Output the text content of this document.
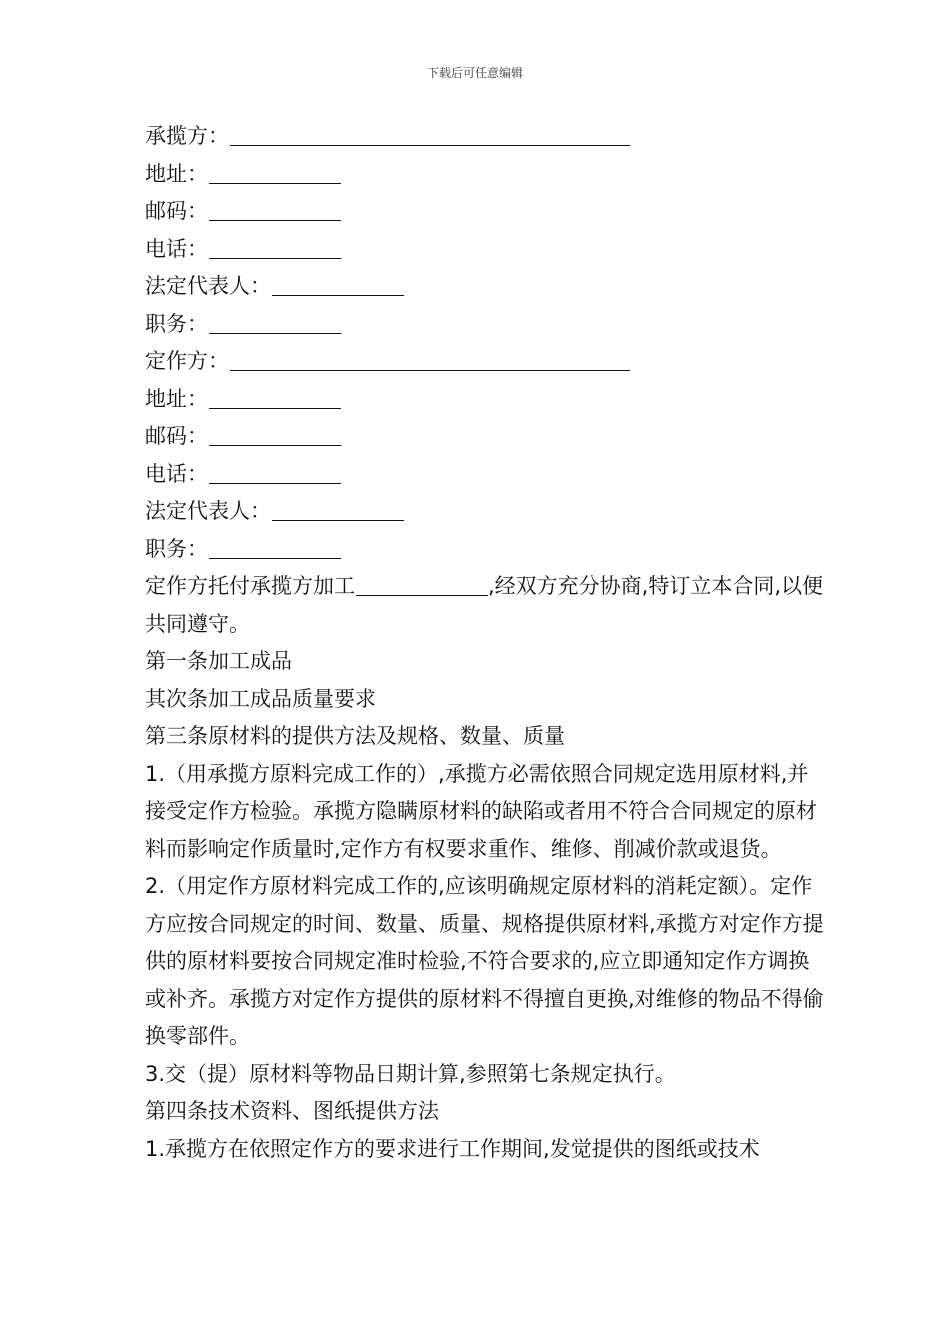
下载后可任意编辑
承揽方：
地址：
邮码：
电话：
法定代表人：
职务：
定作方：
地址：
邮码：
电话：
法定代表人：
职务：

定作方托付承揽方加工	,经双方充分协商,特订立本合同,以便共同遵守。

第一条加工成品

其次条加工成品质量要求

第三条原材料的提供方法及规格、数量、质量

1.（用承揽方原料完成工作的）,承揽方必需依照合同规定选用原材料,并接受定作方检验。承揽方隐瞒原材料的缺陷或者用不符合合同规定的原材料而影响定作质量时,定作方有权要求重作、维修、削减价款或退货。

2.（用定作方原材料完成工作的,应该明确规定原材料的消耗定额）。定作方应按合同规定的时间、数量、质量、规格提供原材料,承揽方对定作方提供的原材料要按合同规定准时检验,不符合要求的,应立即通知定作方调换或补齐。承揽方对定作方提供的原材料不得擅自更换,对维修的物品不得偷换零部件。

3.交（提）原材料等物品日期计算,参照第七条规定执行。

第四条技术资料、图纸提供方法

1.承揽方在依照定作方的要求进行工作期间,发觉提供的图纸或技术
